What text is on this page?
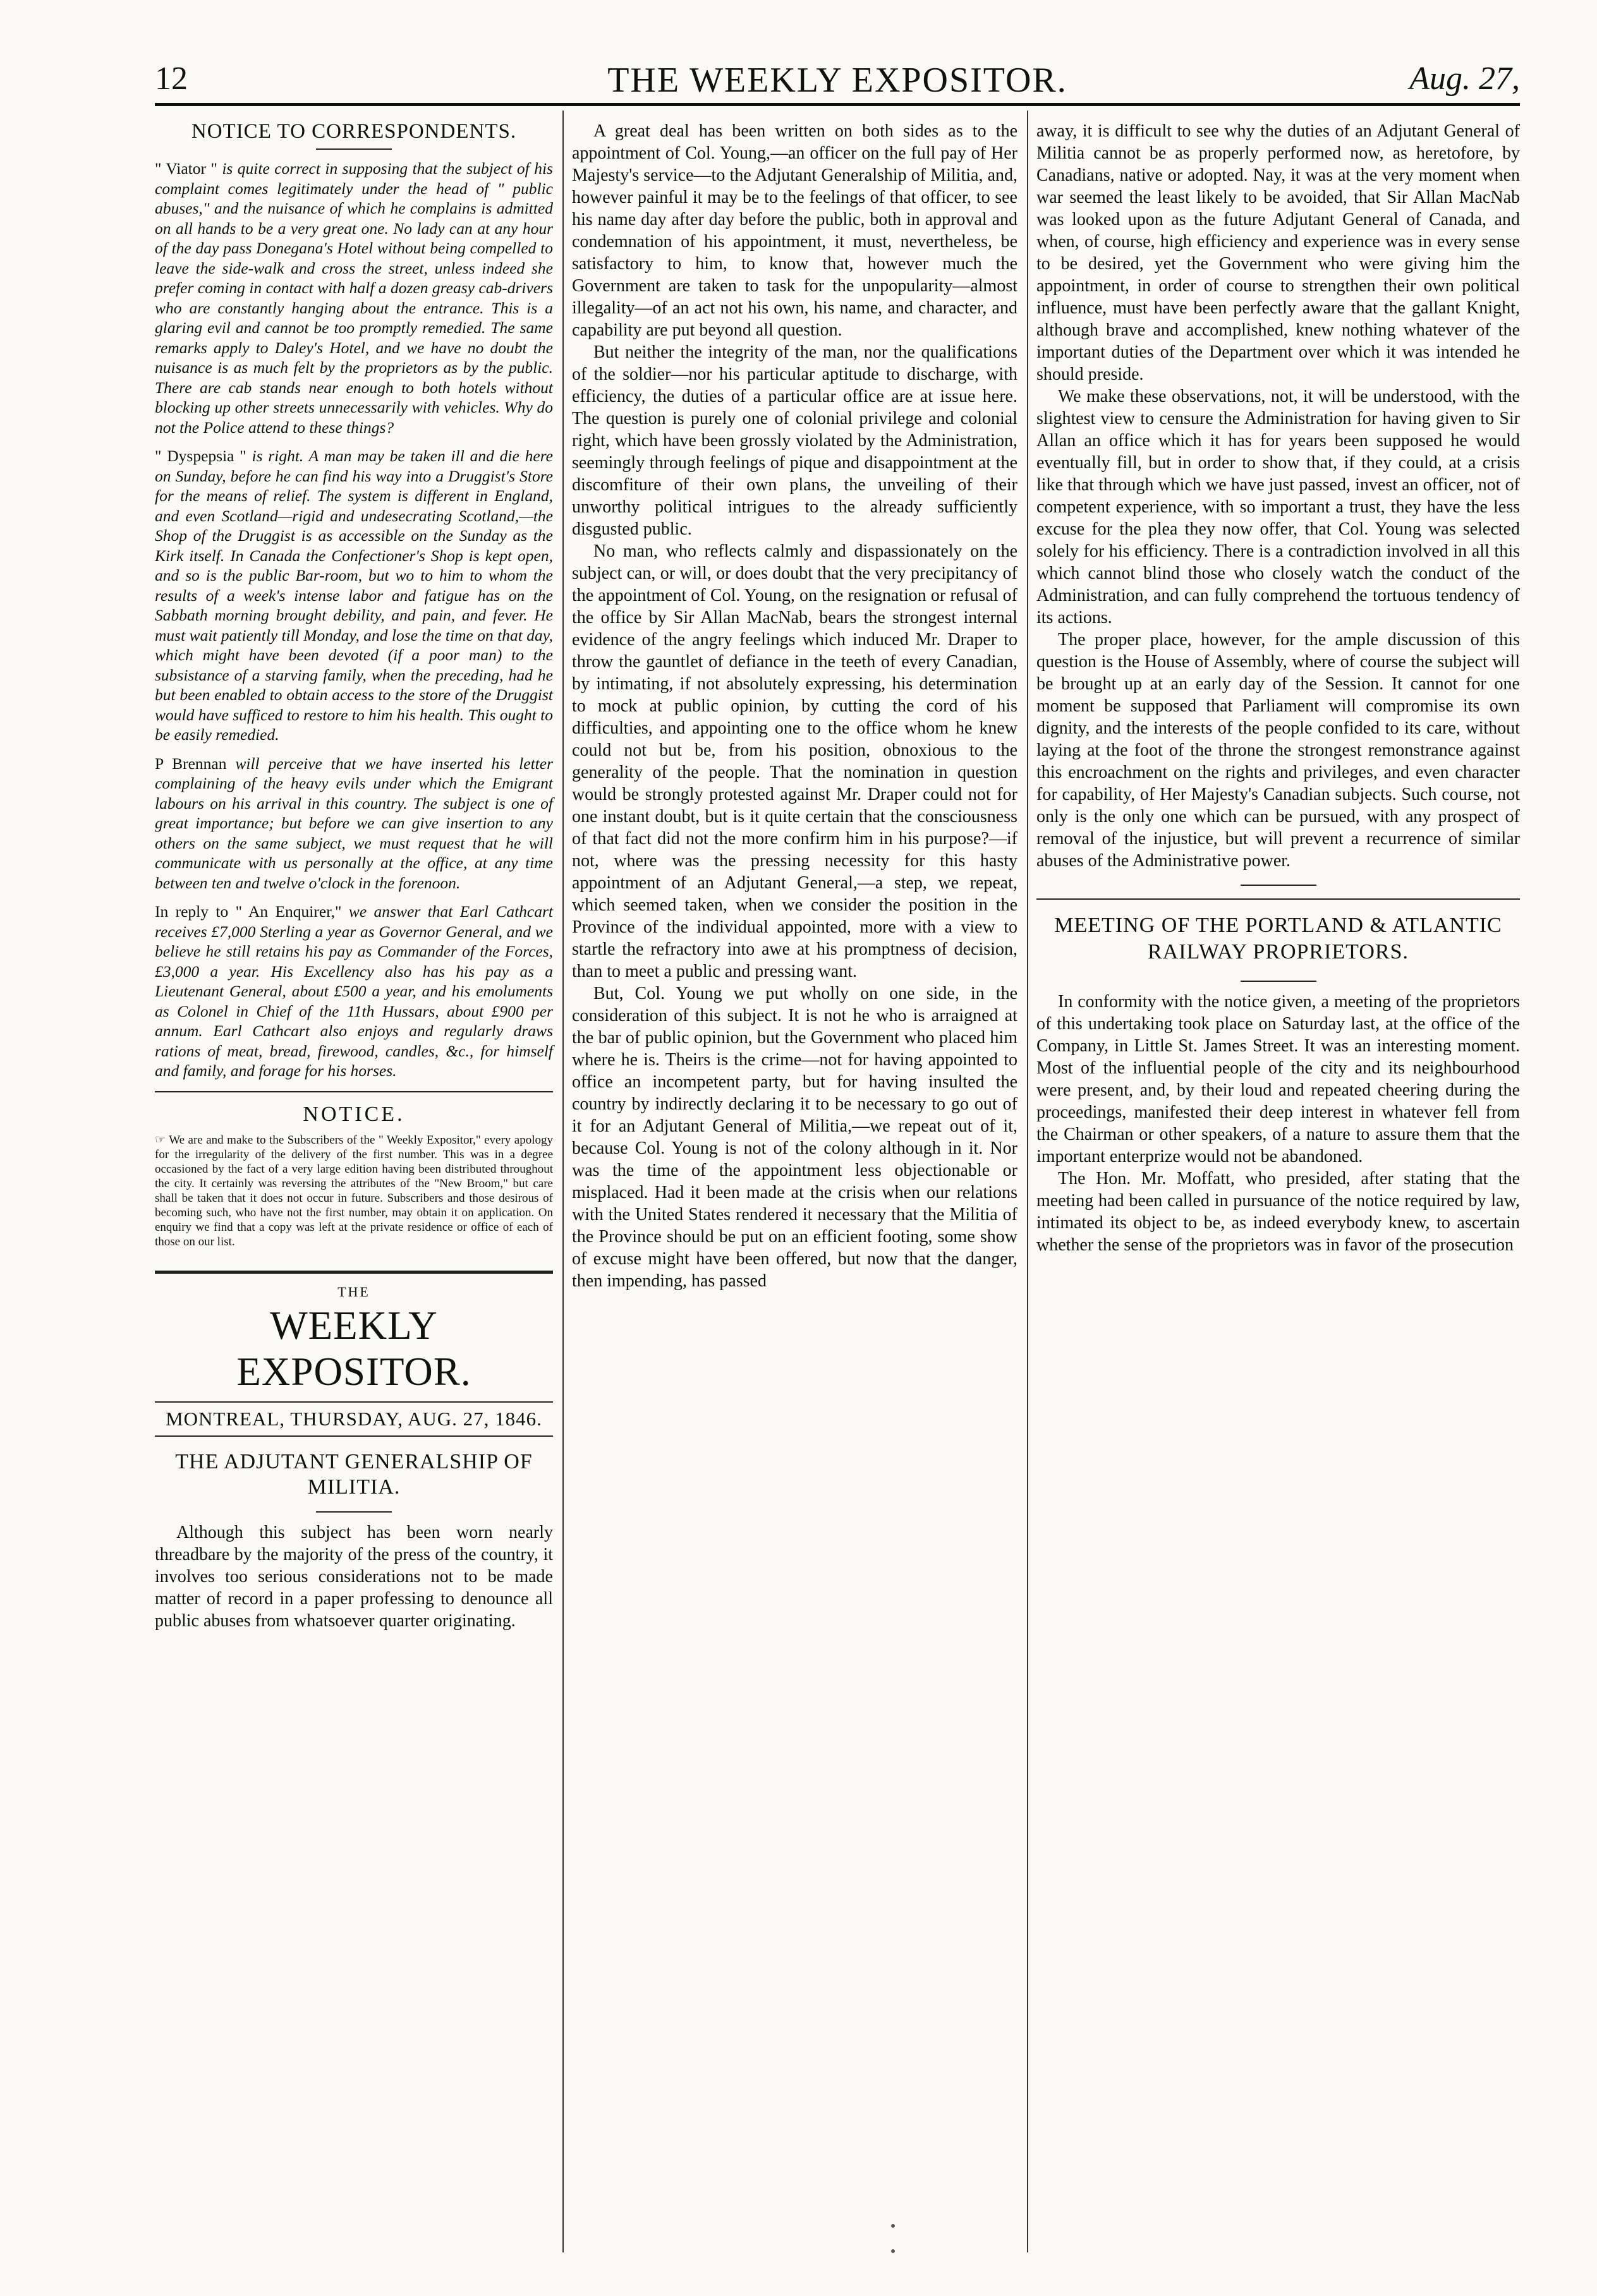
12	THE WEEKLY EXPOSITOR.	Aug. 27,
NOTICE TO CORRESPONDENTS.

" Viator " is quite correct in supposing that the subject of his complaint comes legitimately under the head of " public abuses," and the nuisance of which he complains is admitted on all hands to be a very great one. No lady can at any hour of the day pass Donegana's Hotel without being compelled to leave the side-walk and cross the street, unless indeed she prefer coming in contact with half a dozen greasy cab-drivers who are constantly hanging about the entrance. This is a glaring evil and cannot be too promptly remedied. The same remarks apply to Daley's Hotel, and we have no doubt the nuisance is as much felt by the proprietors as by the public. There are cab stands near enough to both hotels without blocking up other streets unnecessarily with vehicles. Why do not the Police attend to these things?

" Dyspepsia " is right. A man may be taken ill and die here on Sunday, before he can find his way into a Druggist's Store for the means of relief. The system is different in England, and even Scotland—rigid and undesecrating Scotland,—the Shop of the Druggist is as accessible on the Sunday as the Kirk itself. In Canada the Confectioner's Shop is kept open, and so is the public Bar-room, but wo to him to whom the results of a week's intense labor and fatigue has on the Sabbath morning brought debility, and pain, and fever. He must wait patiently till Monday, and lose the time on that day, which might have been devoted (if a poor man) to the subsistance of a starving family, when the preceding, had he but been enabled to obtain access to the store of the Druggist would have sufficed to restore to him his health. This ought to be easily remedied.

P Brennan will perceive that we have inserted his letter complaining of the heavy evils under which the Emigrant labours on his arrival in this country. The subject is one of great importance; but before we can give insertion to any others on the same subject, we must request that he will communicate with us personally at the office, at any time between ten and twelve o'clock in the forenoon.

In reply to " An Enquirer," we answer that Earl Cathcart receives £7,000 Sterling a year as Governor General, and we believe he still retains his pay as Commander of the Forces, £3,000 a year. His Excellency also has his pay as a Lieutenant General, about £500 a year, and his emoluments as Colonel in Chief of the 11th Hussars, about £900 per annum. Earl Cathcart also enjoys and regularly draws rations of meat, bread, firewood, candles, &c., for himself and family, and forage for his horses.

NOTICE.

☞ We are and make to the Subscribers of the " Weekly Expositor," every apology for the irregularity of the delivery of the first number. This was in a degree occasioned by the fact of a very large edition having been distributed throughout the city. It certainly was reversing the attributes of the "New Broom," but care shall be taken that it does not occur in future. Subscribers and those desirous of becoming such, who have not the first number, may obtain it on application. On enquiry we find that a copy was left at the private residence or office of each of those on our list.

THE
WEEKLY EXPOSITOR.
MONTREAL, THURSDAY, AUG. 27, 1846.
THE ADJUTANT GENERALSHIP OF MILITIA.

Although this subject has been worn nearly threadbare by the majority of the press of the country, it involves too serious considerations not to be made matter of record in a paper professing to denounce all public abuses from whatsoever quarter originating.

A great deal has been written on both sides as to the appointment of Col. Young,—an officer on the full pay of Her Majesty's service—to the Adjutant Generalship of Militia, and, however painful it may be to the feelings of that officer, to see his name day after day before the public, both in approval and condemnation of his appointment, it must, nevertheless, be satisfactory to him, to know that, however much the Government are taken to task for the unpopularity—almost illegality—of an act not his own, his name, and character, and capability are put beyond all question.

But neither the integrity of the man, nor the qualifications of the soldier—nor his particular aptitude to discharge, with efficiency, the duties of a particular office are at issue here. The question is purely one of colonial privilege and colonial right, which have been grossly violated by the Administration, seemingly through feelings of pique and disappointment at the discomfiture of their own plans, the unveiling of their unworthy political intrigues to the already sufficiently disgusted public.

No man, who reflects calmly and dispassionately on the subject can, or will, or does doubt that the very precipitancy of the appointment of Col. Young, on the resignation or refusal of the office by Sir Allan MacNab, bears the strongest internal evidence of the angry feelings which induced Mr. Draper to throw the gauntlet of defiance in the teeth of every Canadian, by intimating, if not absolutely expressing, his determination to mock at public opinion, by cutting the cord of his difficulties, and appointing one to the office whom he knew could not but be, from his position, obnoxious to the generality of the people. That the nomination in question would be strongly protested against Mr. Draper could not for one instant doubt, but is it quite certain that the consciousness of that fact did not the more confirm him in his purpose?—if not, where was the pressing necessity for this hasty appointment of an Adjutant General,—a step, we repeat, which seemed taken, when we consider the position in the Province of the individual appointed, more with a view to startle the refractory into awe at his promptness of decision, than to meet a public and pressing want.

But, Col. Young we put wholly on one side, in the consideration of this subject. It is not he who is arraigned at the bar of public opinion, but the Government who placed him where he is. Theirs is the crime—not for having appointed to office an incompetent party, but for having insulted the country by indirectly declaring it to be necessary to go out of it for an Adjutant General of Militia,—we repeat out of it, because Col. Young is not of the colony although in it. Nor was the time of the appointment less objectionable or misplaced. Had it been made at the crisis when our relations with the United States rendered it necessary that the Militia of the Province should be put on an efficient footing, some show of excuse might have been offered, but now that the danger, then impending, has passed

away, it is difficult to see why the duties of an Adjutant General of Militia cannot be as properly performed now, as heretofore, by Canadians, native or adopted. Nay, it was at the very moment when war seemed the least likely to be avoided, that Sir Allan MacNab was looked upon as the future Adjutant General of Canada, and when, of course, high efficiency and experience was in every sense to be desired, yet the Government who were giving him the appointment, in order of course to strengthen their own political influence, must have been perfectly aware that the gallant Knight, although brave and accomplished, knew nothing whatever of the important duties of the Department over which it was intended he should preside.

We make these observations, not, it will be understood, with the slightest view to censure the Administration for having given to Sir Allan an office which it has for years been supposed he would eventually fill, but in order to show that, if they could, at a crisis like that through which we have just passed, invest an officer, not of competent experience, with so important a trust, they have the less excuse for the plea they now offer, that Col. Young was selected solely for his efficiency. There is a contradiction involved in all this which cannot blind those who closely watch the conduct of the Administration, and can fully comprehend the tortuous tendency of its actions.

The proper place, however, for the ample discussion of this question is the House of Assembly, where of course the subject will be brought up at an early day of the Session. It cannot for one moment be supposed that Parliament will compromise its own dignity, and the interests of the people confided to its care, without laying at the foot of the throne the strongest remonstrance against this encroachment on the rights and privileges, and even character for capability, of Her Majesty's Canadian subjects. Such course, not only is the only one which can be pursued, with any prospect of removal of the injustice, but will prevent a recurrence of similar abuses of the Administrative power.

MEETING OF THE PORTLAND & ATLANTIC RAILWAY PROPRIETORS.

In conformity with the notice given, a meeting of the proprietors of this undertaking took place on Saturday last, at the office of the Company, in Little St. James Street. It was an interesting moment. Most of the influential people of the city and its neighbourhood were present, and, by their loud and repeated cheering during the proceedings, manifested their deep interest in whatever fell from the Chairman or other speakers, of a nature to assure them that the important enterprize would not be abandoned.

The Hon. Mr. Moffatt, who presided, after stating that the meeting had been called in pursuance of the notice required by law, intimated its object to be, as indeed everybody knew, to ascertain whether the sense of the proprietors was in favor of the prosecution
